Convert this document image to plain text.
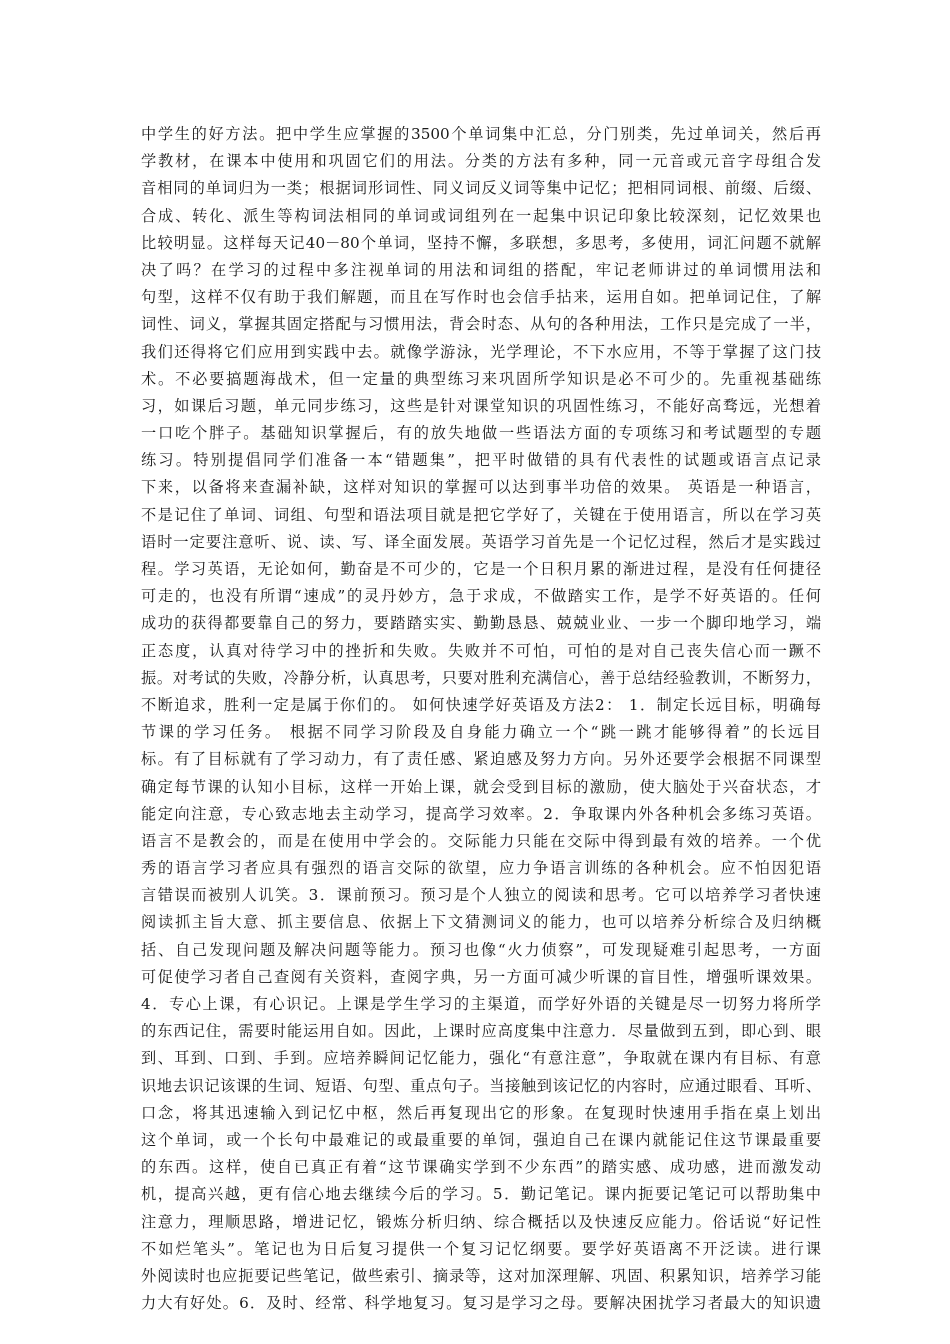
中学生的好方法。把中学生应掌握的3500个单词集中汇总，分门别类，先过单词关，然后再
学教材，在课本中使用和巩固它们的用法。分类的方法有多种，同一元音或元音字母组合发
音相同的单词归为一类；根据词形词性、同义词反义词等集中记忆；把相同词根、前缀、后缀、
合成、转化、派生等构词法相同的单词或词组列在一起集中识记印象比较深刻，记忆效果也
比较明显。这样每天记40－80个单词，坚持不懈，多联想，多思考，多使用，词汇问题不就解
决了吗？在学习的过程中多注视单词的用法和词组的搭配，牢记老师讲过的单词惯用法和
句型，这样不仅有助于我们解题，而且在写作时也会信手拈来，运用自如。把单词记住，了解
词性、词义，掌握其固定搭配与习惯用法，背会时态、从句的各种用法，工作只是完成了一半，
我们还得将它们应用到实践中去。就像学游泳，光学理论，不下水应用，不等于掌握了这门技
术。不必要搞题海战术，但一定量的典型练习来巩固所学知识是必不可少的。先重视基础练
习，如课后习题，单元同步练习，这些是针对课堂知识的巩固性练习，不能好高骛远，光想着
一口吃个胖子。基础知识掌握后，有的放失地做一些语法方面的专项练习和考试题型的专题
练习。特别提倡同学们准备一本“错题集”，把平时做错的具有代表性的试题或语言点记录
下来，以备将来查漏补缺，这样对知识的掌握可以达到事半功倍的效果。 英语是一种语言，
不是记住了单词、词组、句型和语法项目就是把它学好了，关键在于使用语言，所以在学习英
语时一定要注意听、说、读、写、译全面发展。英语学习首先是一个记忆过程，然后才是实践过
程。学习英语，无论如何，勤奋是不可少的，它是一个日积月累的渐进过程，是没有任何捷径
可走的，也没有所谓“速成”的灵丹妙方，急于求成，不做踏实工作，是学不好英语的。任何
成功的获得都要靠自己的努力，要踏踏实实、勤勤恳恳、兢兢业业、一步一个脚印地学习，端
正态度，认真对待学习中的挫折和失败。失败并不可怕，可怕的是对自己丧失信心而一蹶不
振。对考试的失败，冷静分析，认真思考，只要对胜利充满信心，善于总结经验教训，不断努力，
不断追求，胜利一定是属于你们的。 如何快速学好英语及方法2： 1．制定长远目标，明确每
节课的学习任务。 根据不同学习阶段及自身能力确立一个“跳一跳才能够得着”的长远目
标。有了目标就有了学习动力，有了责任感、紧迫感及努力方向。另外还要学会根据不同课型
确定每节课的认知小目标，这样一开始上课，就会受到目标的激励，使大脑处于兴奋状态，才
能定向注意，专心致志地去主动学习，提高学习效率。2．争取课内外各种机会多练习英语。
语言不是教会的，而是在使用中学会的。交际能力只能在交际中得到最有效的培养。一个优
秀的语言学习者应具有强烈的语言交际的欲望，应力争语言训练的各种机会。应不怕因犯语
言错误而被别人讥笑。3．课前预习。预习是个人独立的阅读和思考。它可以培养学习者快速
阅读抓主旨大意、抓主要信息、依据上下文猜测词义的能力，也可以培养分析综合及归纳概
括、自己发现问题及解决问题等能力。预习也像“火力侦察”，可发现疑难引起思考，一方面
可促使学习者自己查阅有关资料，查阅字典，另一方面可减少听课的盲目性，增强听课效果。
4．专心上课，有心识记。上课是学生学习的主渠道，而学好外语的关键是尽一切努力将所学
的东西记住，需要时能运用自如。因此，上课时应高度集中注意力．尽量做到五到，即心到、眼
到、耳到、口到、手到。应培养瞬间记忆能力，强化“有意注意”，争取就在课内有目标、有意
识地去识记该课的生词、短语、句型、重点句子。当接触到该记忆的内容时，应通过眼看、耳听、
口念，将其迅速输入到记忆中枢，然后再复现出它的形象。在复现时快速用手指在桌上划出
这个单词，或一个长句中最难记的或最重要的单饲，强迫自己在课内就能记住这节课最重要
的东西。这样，使自已真正有着“这节课确实学到不少东西”的踏实感、成功感，进而激发动
机，提高兴越，更有信心地去继续今后的学习。5．勤记笔记。课内扼要记笔记可以帮助集中
注意力，理顺思路，增进记忆，锻炼分析归纳、综合概括以及快速反应能力。俗话说“好记性
不如烂笔头”。笔记也为日后复习提供一个复习记忆纲要。要学好英语离不开泛读。进行课
外阅读时也应扼要记些笔记，做些索引、摘录等，这对加深理解、巩固、积累知识，培养学习能
力大有好处。6．及时、经常、科学地复习。复习是学习之母。要解决困扰学习者最大的知识遗
